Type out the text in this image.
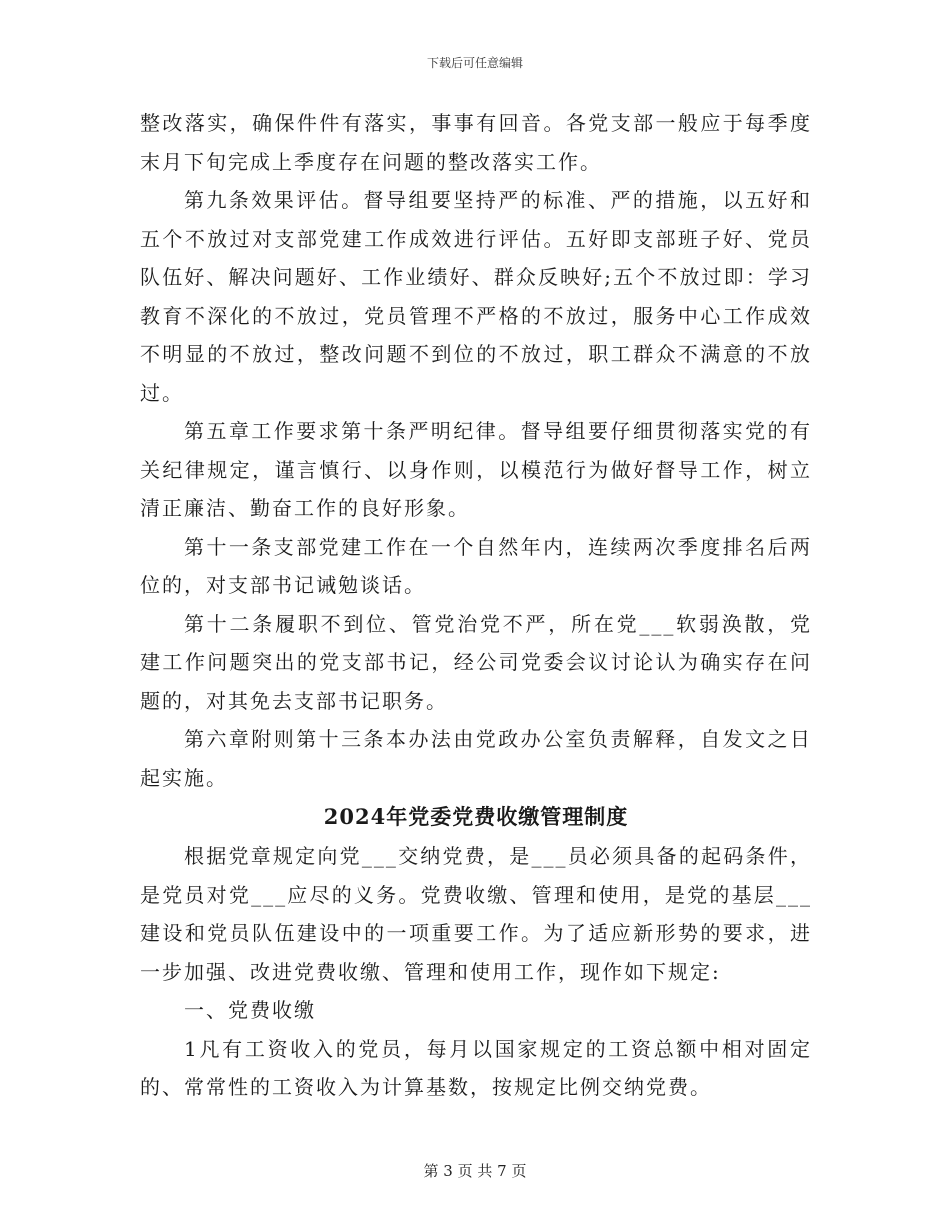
下载后可任意编辑

整改落实，确保件件有落实，事事有回音。各党支部一般应于每季度末月下旬完成上季度存在问题的整改落实工作。

第九条效果评估。督导组要坚持严的标准、严的措施，以五好和五个不放过对支部党建工作成效进行评估。五好即支部班子好、党员队伍好、解决问题好、工作业绩好、群众反映好;五个不放过即：学习教育不深化的不放过，党员管理不严格的不放过，服务中心工作成效不明显的不放过，整改问题不到位的不放过，职工群众不满意的不放过。

第五章工作要求第十条严明纪律。督导组要仔细贯彻落实党的有关纪律规定，谨言慎行、以身作则，以模范行为做好督导工作，树立清正廉洁、勤奋工作的良好形象。

第十一条支部党建工作在一个自然年内，连续两次季度排名后两位的，对支部书记诫勉谈话。

第十二条履职不到位、管党治党不严，所在党___软弱涣散，党建工作问题突出的党支部书记，经公司党委会议讨论认为确实存在问题的，对其免去支部书记职务。

第六章附则第十三条本办法由党政办公室负责解释，自发文之日起实施。

2024年党委党费收缴管理制度

根据党章规定向党___交纳党费，是___员必须具备的起码条件，是党员对党___应尽的义务。党费收缴、管理和使用，是党的基层___建设和党员队伍建设中的一项重要工作。为了适应新形势的要求，进一步加强、改进党费收缴、管理和使用工作，现作如下规定:

一、党费收缴

1凡有工资收入的党员，每月以国家规定的工资总额中相对固定的、常常性的工资收入为计算基数，按规定比例交纳党费。

第 3 页 共 7 页
